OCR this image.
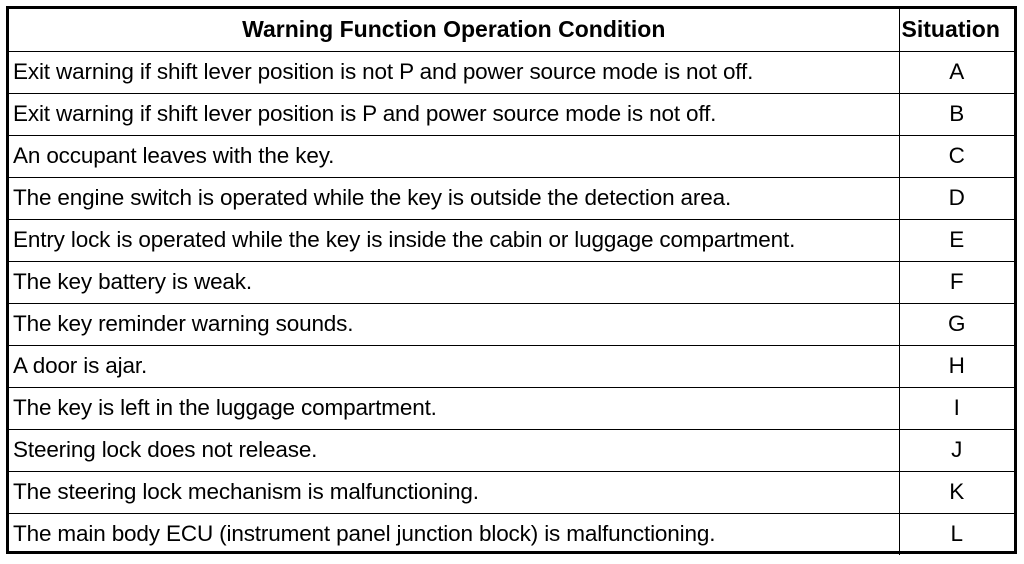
Warning Function Operation Condition	Situation
Exit warning if shift lever position is not P and power source mode is not off.	A
Exit warning if shift lever position is P and power source mode is not off.	B
An occupant leaves with the key.	C
The engine switch is operated while the key is outside the detection area.	D
Entry lock is operated while the key is inside the cabin or luggage compartment.	E
The key battery is weak.	F
The key reminder warning sounds.	G
A door is ajar.	H
The key is left in the luggage compartment.	I
Steering lock does not release.	J
The steering lock mechanism is malfunctioning.	K
The main body ECU (instrument panel junction block) is malfunctioning.	L
